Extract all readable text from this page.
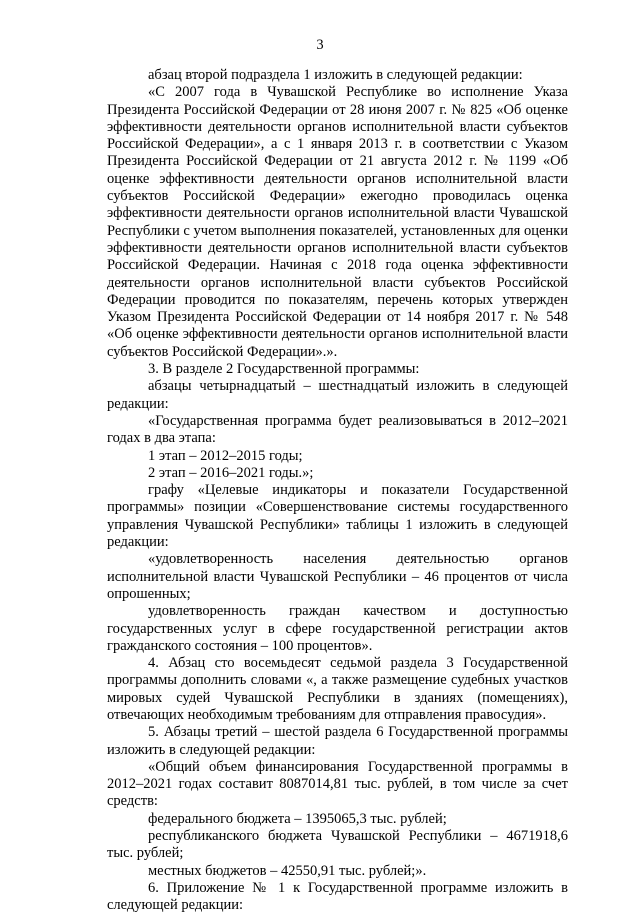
3

абзац второй подраздела 1 изложить в следующей редакции:

«С 2007 года в Чувашской Республике во исполнение Указа Президента Российской Федерации от 28 июня 2007 г. № 825 «Об оценке эффективности деятельности органов исполнительной власти субъектов Российской Федерации», а с 1 января 2013 г. в соответствии с Указом Президента Российской Федерации от 21 августа 2012 г. № 1199 «Об оценке эффективности деятельности органов исполнительной власти субъектов Российской Федерации» ежегодно проводилась оценка эффективности деятельности органов исполнительной власти Чувашской Республики с учетом выполнения показателей, установленных для оценки эффективности деятельности органов исполнительной власти субъектов Российской Федерации. Начиная с 2018 года оценка эффективности деятельности органов исполнительной власти субъектов Российской Федерации проводится по показателям, перечень которых утвержден Указом Президента Российской Федерации от 14 ноября 2017 г. № 548 «Об оценке эффективности деятельности органов исполнительной власти субъектов Российской Федерации».».

3. В разделе 2 Государственной программы:

абзацы четырнадцатый – шестнадцатый изложить в следующей редакции:

«Государственная программа будет реализовываться в 2012–2021 годах в два этапа:

1 этап – 2012–2015 годы;

2 этап – 2016–2021 годы.»;

графу «Целевые индикаторы и показатели Государственной программы» позиции «Совершенствование системы государственного управления Чувашской Республики» таблицы 1 изложить в следующей редакции:

«удовлетворенность населения деятельностью органов исполнительной власти Чувашской Республики – 46 процентов от числа опрошенных;

удовлетворенность граждан качеством и доступностью государственных услуг в сфере государственной регистрации актов гражданского состояния – 100 процентов».

4. Абзац сто восемьдесят седьмой раздела 3 Государственной программы дополнить словами «, а также размещение судебных участков мировых судей Чувашской Республики в зданиях (помещениях), отвечающих необходимым требованиям для отправления правосудия».

5. Абзацы третий – шестой раздела 6 Государственной программы изложить в следующей редакции:

«Общий объем финансирования Государственной программы в 2012–2021 годах составит 8087014,81 тыс. рублей, в том числе за счет средств:

федерального бюджета – 1395065,3 тыс. рублей;

республиканского бюджета Чувашской Республики – 4671918,6 тыс. рублей;

местных бюджетов – 42550,91 тыс. рублей;».

6. Приложение № 1 к Государственной программе изложить в следующей редакции:
